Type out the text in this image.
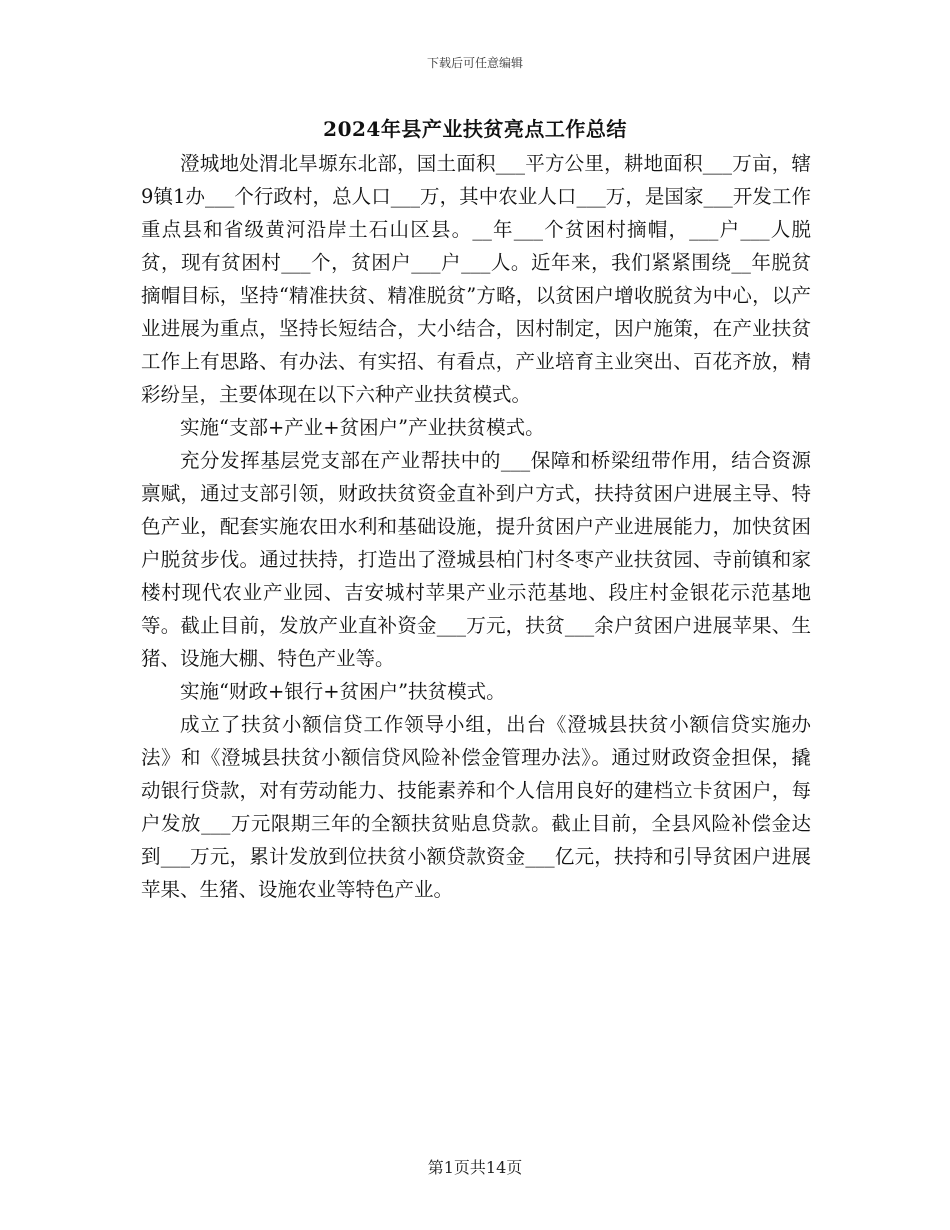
下载后可任意编辑
2024年县产业扶贫亮点工作总结

澄城地处渭北旱塬东北部，国土面积___平方公里，耕地面积___万亩，辖9镇1办___个行政村，总人口___万，其中农业人口___万，是国家___开发工作重点县和省级黄河沿岸土石山区县。__年___个贫困村摘帽，___户___人脱贫，现有贫困村___个，贫困户___户___人。近年来，我们紧紧围绕__年脱贫摘帽目标，坚持“精准扶贫、精准脱贫”方略，以贫困户增收脱贫为中心，以产业进展为重点，坚持长短结合，大小结合，因村制定，因户施策，在产业扶贫工作上有思路、有办法、有实招、有看点，产业培育主业突出、百花齐放，精彩纷呈，主要体现在以下六种产业扶贫模式。

实施“支部+产业+贫困户”产业扶贫模式。

充分发挥基层党支部在产业帮扶中的___保障和桥梁纽带作用，结合资源禀赋，通过支部引领，财政扶贫资金直补到户方式，扶持贫困户进展主导、特色产业，配套实施农田水利和基础设施，提升贫困户产业进展能力，加快贫困户脱贫步伐。通过扶持，打造出了澄城县柏门村冬枣产业扶贫园、寺前镇和家楼村现代农业产业园、吉安城村苹果产业示范基地、段庄村金银花示范基地等。截止目前，发放产业直补资金___万元，扶贫___余户贫困户进展苹果、生猪、设施大棚、特色产业等。

实施“财政+银行+贫困户”扶贫模式。

成立了扶贫小额信贷工作领导小组，出台《澄城县扶贫小额信贷实施办法》和《澄城县扶贫小额信贷风险补偿金管理办法》。通过财政资金担保，撬动银行贷款，对有劳动能力、技能素养和个人信用良好的建档立卡贫困户，每户发放___万元限期三年的全额扶贫贴息贷款。截止目前，全县风险补偿金达到___万元，累计发放到位扶贫小额贷款资金___亿元，扶持和引导贫困户进展苹果、生猪、设施农业等特色产业。

第1页共14页
